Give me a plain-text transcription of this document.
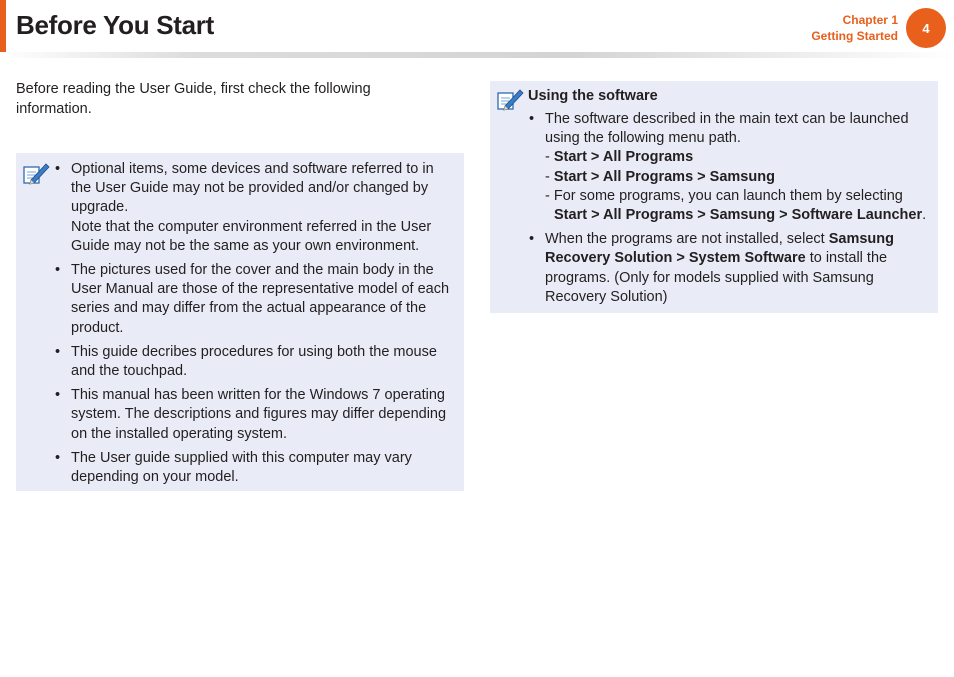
Before You Start	Chapter 1
Getting Started
4

Before reading the User Guide, first check the following information.

• Optional items, some devices and software referred to in the User Guide may not be provided and/or changed by upgrade.
Note that the computer environment referred in the User Guide may not be the same as your own environment.
• The pictures used for the cover and the main body in the User Manual are those of the representative model of each series and may differ from the actual appearance of the product.
• This guide decribes procedures for using both the mouse and the touchpad.
• This manual has been written for the Windows 7 operating system. The descriptions and figures may differ depending on the installed operating system.
• The User guide supplied with this computer may vary depending on your model.
Using the software
• The software described in the main text can be launched using the following menu path.
- Start > All Programs
- Start > All Programs > Samsung
- For some programs, you can launch them by selecting
Start > All Programs > Samsung > Software Launcher.
• When the programs are not installed, select Samsung Recovery Solution > System Software to install the programs. (Only for models supplied with Samsung Recovery Solution)
